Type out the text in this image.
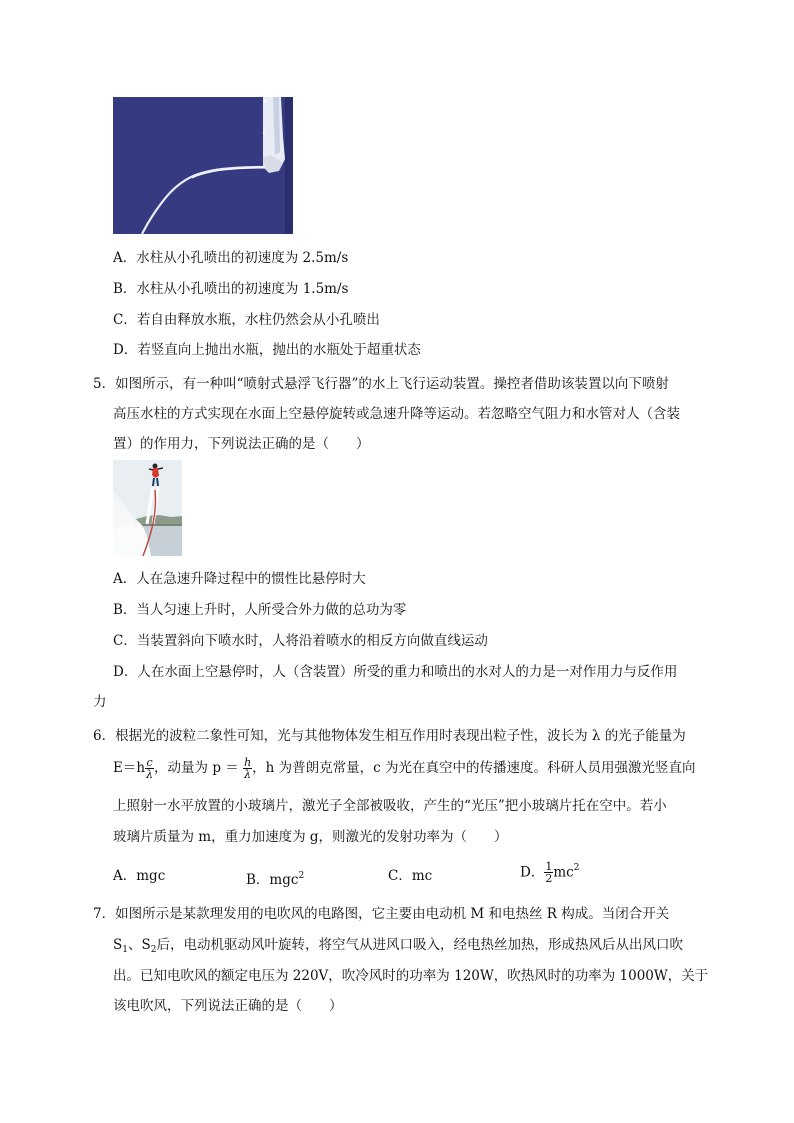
A．水柱从小孔喷出的初速度为 2.5m/s
B．水柱从小孔喷出的初速度为 1.5m/s
C．若自由释放水瓶，水柱仍然会从小孔喷出
D．若竖直向上抛出水瓶，抛出的水瓶处于超重状态
5．如图所示，有一种叫“喷射式悬浮飞行器”的水上飞行运动装置。操控者借助该装置以向下喷射
高压水柱的方式实现在水面上空悬停旋转或急速升降等运动。若忽略空气阻力和水管对人（含装
置）的作用力，下列说法正确的是（　　）
A．人在急速升降过程中的惯性比悬停时大
B．当人匀速上升时，人所受合外力做的总功为零
C．当装置斜向下喷水时，人将沿着喷水的相反方向做直线运动
D．人在水面上空悬停时，人（含装置）所受的重力和喷出的水对人的力是一对作用力与反作用
力
6．根据光的波粒二象性可知，光与其他物体发生相互作用时表现出粒子性，波长为 λ 的光子能量为
$E=h \frac{c}{\lambda}$ ，动量为 $p = \frac{h}{\lambda}$ ，h 为普朗克常量，c 为光在真空中的传播速度。科研人员用强激光竖直向
上照射一水平放置的小玻璃片，激光子全部被吸收，产生的“光压”把小玻璃片托在空中。若小
玻璃片质量为 m，重力加速度为 g，则激光的发射功率为（　　）
A．mgc	B．mgc$^2$	C．mc	D． $\frac{1}{2} mc^2$
7．如图所示是某款理发用的电吹风的电路图，它主要由电动机 M 和电热丝 R 构成。当闭合开关
$S_1$、$S_2$后，电动机驱动风叶旋转，将空气从进风口吸入，经电热丝加热，形成热风后从出风口吹
出。已知电吹风的额定电压为 220V，吹冷风时的功率为 120W，吹热风时的功率为 1000W，关于
该电吹风，下列说法正确的是（　　）
